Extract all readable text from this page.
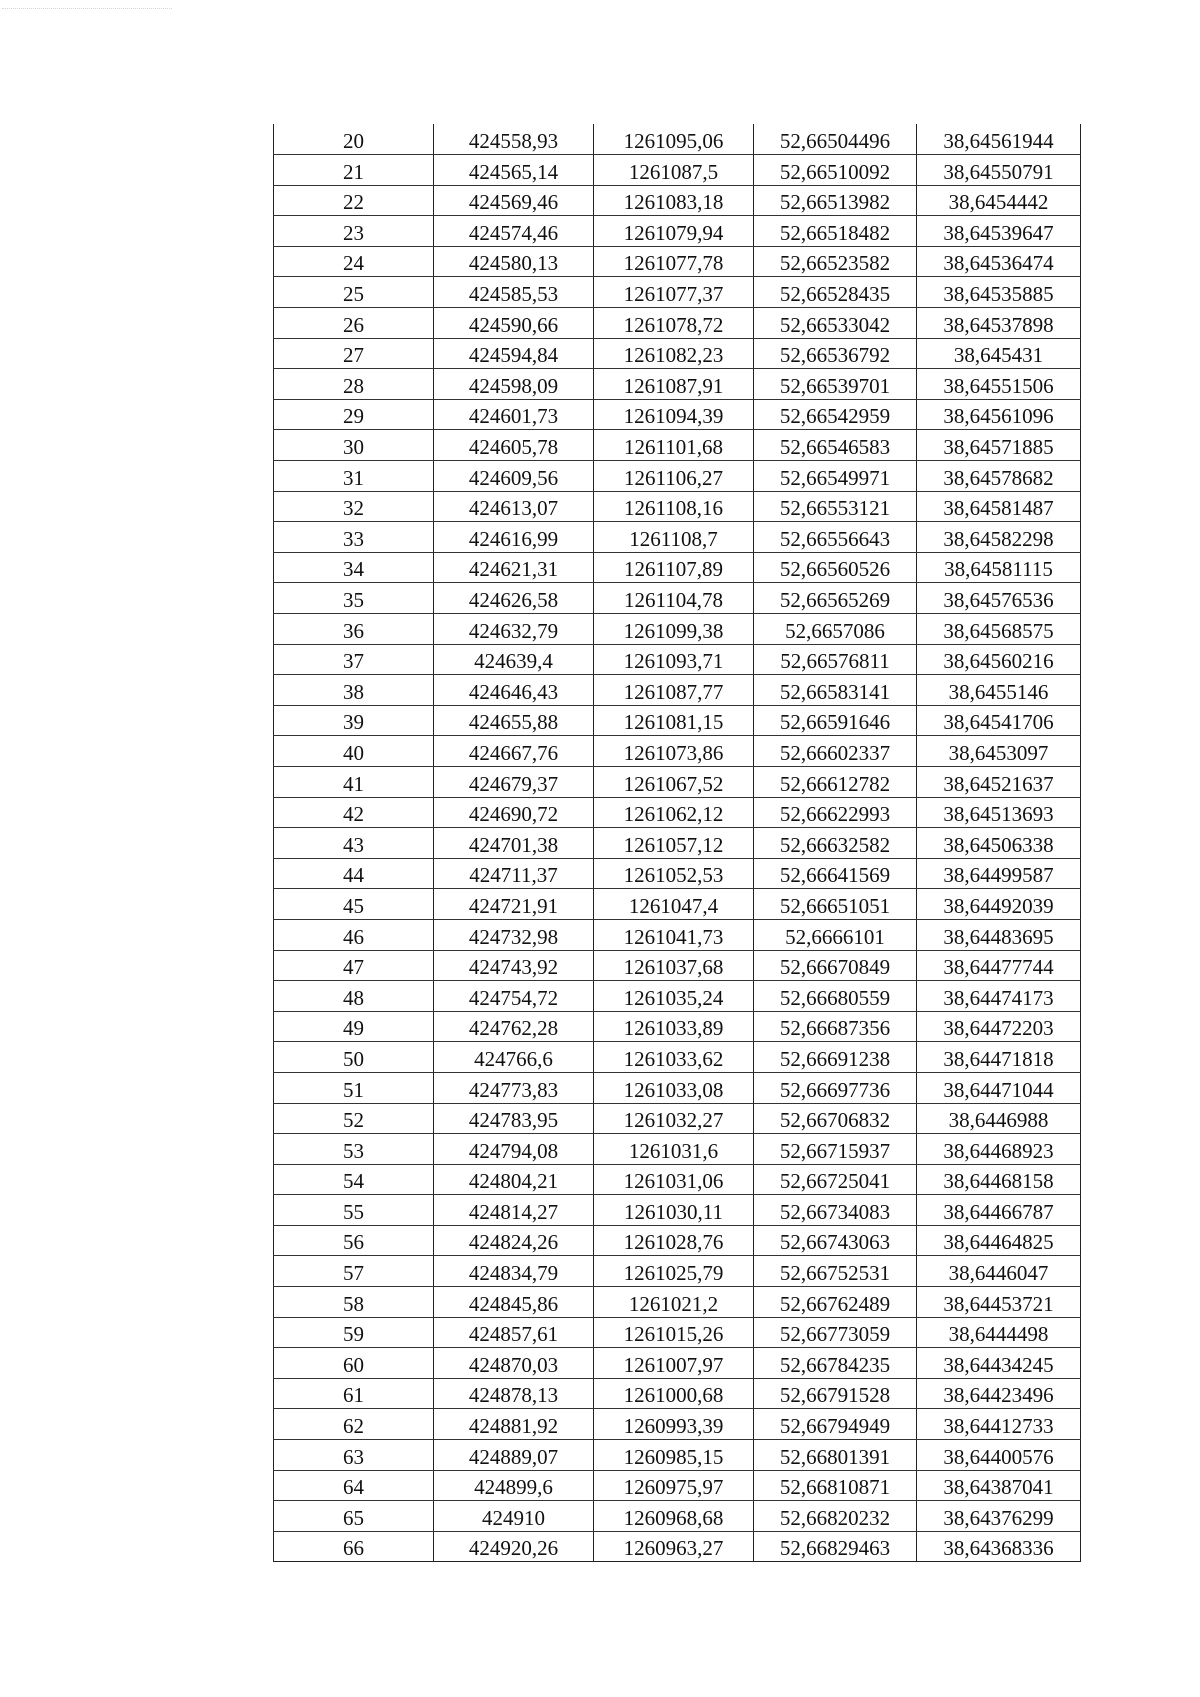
20	424558,93	1261095,06	52,66504496	38,64561944
21	424565,14	1261087,5	52,66510092	38,64550791
22	424569,46	1261083,18	52,66513982	38,6454442
23	424574,46	1261079,94	52,66518482	38,64539647
24	424580,13	1261077,78	52,66523582	38,64536474
25	424585,53	1261077,37	52,66528435	38,64535885
26	424590,66	1261078,72	52,66533042	38,64537898
27	424594,84	1261082,23	52,66536792	38,645431
28	424598,09	1261087,91	52,66539701	38,64551506
29	424601,73	1261094,39	52,66542959	38,64561096
30	424605,78	1261101,68	52,66546583	38,64571885
31	424609,56	1261106,27	52,66549971	38,64578682
32	424613,07	1261108,16	52,66553121	38,64581487
33	424616,99	1261108,7	52,66556643	38,64582298
34	424621,31	1261107,89	52,66560526	38,64581115
35	424626,58	1261104,78	52,66565269	38,64576536
36	424632,79	1261099,38	52,6657086	38,64568575
37	424639,4	1261093,71	52,66576811	38,64560216
38	424646,43	1261087,77	52,66583141	38,6455146
39	424655,88	1261081,15	52,66591646	38,64541706
40	424667,76	1261073,86	52,66602337	38,6453097
41	424679,37	1261067,52	52,66612782	38,64521637
42	424690,72	1261062,12	52,66622993	38,64513693
43	424701,38	1261057,12	52,66632582	38,64506338
44	424711,37	1261052,53	52,66641569	38,64499587
45	424721,91	1261047,4	52,66651051	38,64492039
46	424732,98	1261041,73	52,6666101	38,64483695
47	424743,92	1261037,68	52,66670849	38,64477744
48	424754,72	1261035,24	52,66680559	38,64474173
49	424762,28	1261033,89	52,66687356	38,64472203
50	424766,6	1261033,62	52,66691238	38,64471818
51	424773,83	1261033,08	52,66697736	38,64471044
52	424783,95	1261032,27	52,66706832	38,6446988
53	424794,08	1261031,6	52,66715937	38,64468923
54	424804,21	1261031,06	52,66725041	38,64468158
55	424814,27	1261030,11	52,66734083	38,64466787
56	424824,26	1261028,76	52,66743063	38,64464825
57	424834,79	1261025,79	52,66752531	38,6446047
58	424845,86	1261021,2	52,66762489	38,64453721
59	424857,61	1261015,26	52,66773059	38,6444498
60	424870,03	1261007,97	52,66784235	38,64434245
61	424878,13	1261000,68	52,66791528	38,64423496
62	424881,92	1260993,39	52,66794949	38,64412733
63	424889,07	1260985,15	52,66801391	38,64400576
64	424899,6	1260975,97	52,66810871	38,64387041
65	424910	1260968,68	52,66820232	38,64376299
66	424920,26	1260963,27	52,66829463	38,64368336
